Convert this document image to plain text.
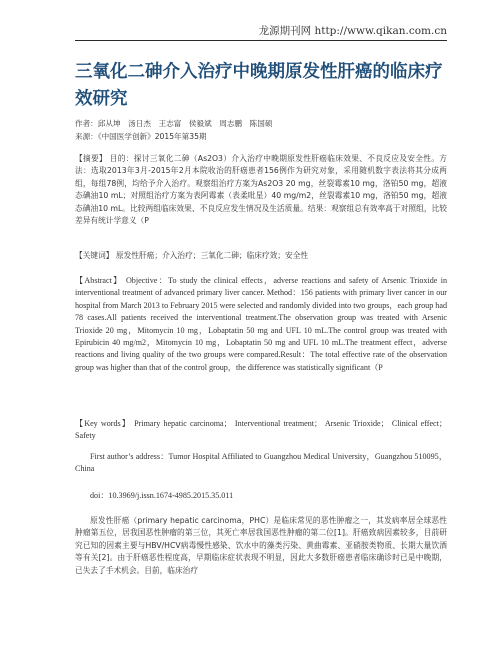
龙源期刊网 http://www.qikan.com.cn
三氧化二砷介入治疗中晚期原发性肝癌的临床疗效研究
作者：邱从坤　汤日杰　王志富　侯毅斌　周志鹏　陈国硕
来源：《中国医学创新》2015年第35期

【摘要】 目的：探讨三氧化二砷（As2O3）介入治疗中晚期原发性肝癌临床效果、不良反应及安全性。方法：选取2013年3月-2015年2月本院收治的肝癌患者156例作为研究对象，采用随机数字表法将其分成两组，每组78例，均给予介入治疗。观察组治疗方案为As2O3 20 mg，丝裂霉素10 mg，洛铂50 mg，超液态碘油10 mL；对照组治疗方案为表阿霉素（表柔吡星）40 mg/m2，丝裂霉素10 mg，洛铂50 mg，超液态碘油10 mL。比较两组临床效果、不良反应发生情况及生活质量。结果：观察组总有效率高于对照组，比较差异有统计学意义（P

【关键词】 原发性肝癌；介入治疗；三氧化二砷；临床疗效；安全性

【Abstract】 Objective：To study the clinical effects，adverse reactions and safety of Arsenic Trioxide in interventional treatment of advanced primary liver cancer. Method：156 patients with primary liver cancer in our hospital from March 2013 to February 2015 were selected and randomly divided into two groups，each group had 78 cases.All patients received the interventional treatment.The observation group was treated with Arsenic Trioxide 20 mg，Mitomycin 10 mg，Lobaptatin 50 mg and UFL 10 mL.The control group was treated with Epirubicin 40 mg/m2，Mitomycin 10 mg，Lobaptatin 50 mg and UFL 10 mL.The treatment effect，adverse reactions and living quality of the two groups were compared.Result：The total effective rate of the observation group was higher than that of the control group，the difference was statistically significant（P

【Key words】 Primary hepatic carcinoma； Interventional treatment； Arsenic Trioxide； Clinical effect； Safety

First author’s address：Tumor Hospital Affiliated to Guangzhou Medical University，Guangzhou 510095，China

doi：10.3969/j.issn.1674-4985.2015.35.011

原发性肝癌（primary hepatic carcinoma，PHC）是临床常见的恶性肿瘤之一，其发病率居全球恶性肿瘤第五位，居我国恶性肿瘤的第三位，其死亡率居我国恶性肿瘤的第二位[1]。肝癌致病因素较多，目前研究已知的因素主要与HBV/HCV病毒慢性感染、饮水中的藻类污染、黄曲霉素、亚硝胺类物质、长期大量饮酒等有关[2]。由于肝癌恶性程度高，早期临床症状表现不明显，因此大多数肝癌患者临床确诊时已是中晚期，已失去了手术机会。目前，临床治疗
